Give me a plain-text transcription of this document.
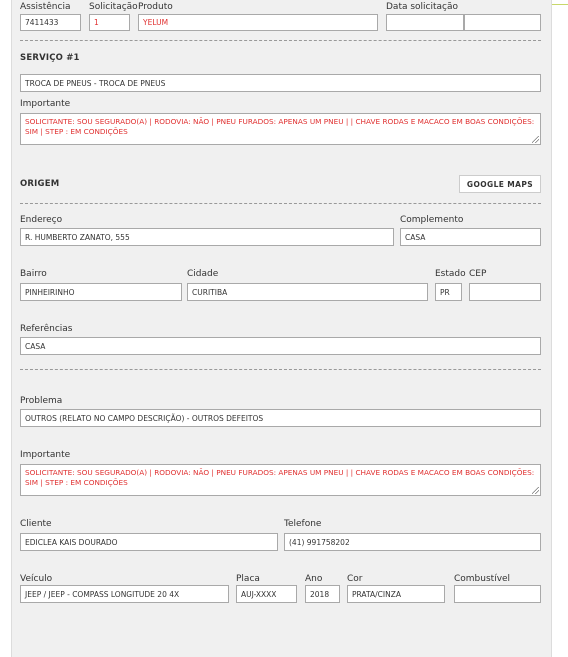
Assistência
7411433
Solicitação
1
Produto
YELUM
Data solicitação
SERVIÇO #1
TROCA DE PNEUS - TROCA DE PNEUS
Importante
SOLICITANTE: SOU SEGURADO(A) | RODOVIA: NÃO | PNEU FURADOS: APENAS UM PNEU | | CHAVE RODAS E MACACO EM BOAS CONDIÇÕES: SIM | STEP : EM CONDIÇÕES
ORIGEM	GOOGLE MAPS
Endereço
R. HUMBERTO ZANATO, 555
Complemento
CASA
Bairro
PINHEIRINHO
Cidade
CURITIBA
Estado
PR
CEP
Referências
CASA
Problema
OUTROS (RELATO NO CAMPO DESCRIÇÃO) - OUTROS DEFEITOS
Importante
SOLICITANTE: SOU SEGURADO(A) | RODOVIA: NÃO | PNEU FURADOS: APENAS UM PNEU | | CHAVE RODAS E MACACO EM BOAS CONDIÇÕES: SIM | STEP : EM CONDIÇÕES
Cliente
EDICLEA KAIS DOURADO
Telefone
(41) 991758202
Veículo
JEEP / JEEP - COMPASS LONGITUDE 20 4X
Placa
AUJ-XXXX
Ano
2018
Cor
PRATA/CINZA
Combustível
